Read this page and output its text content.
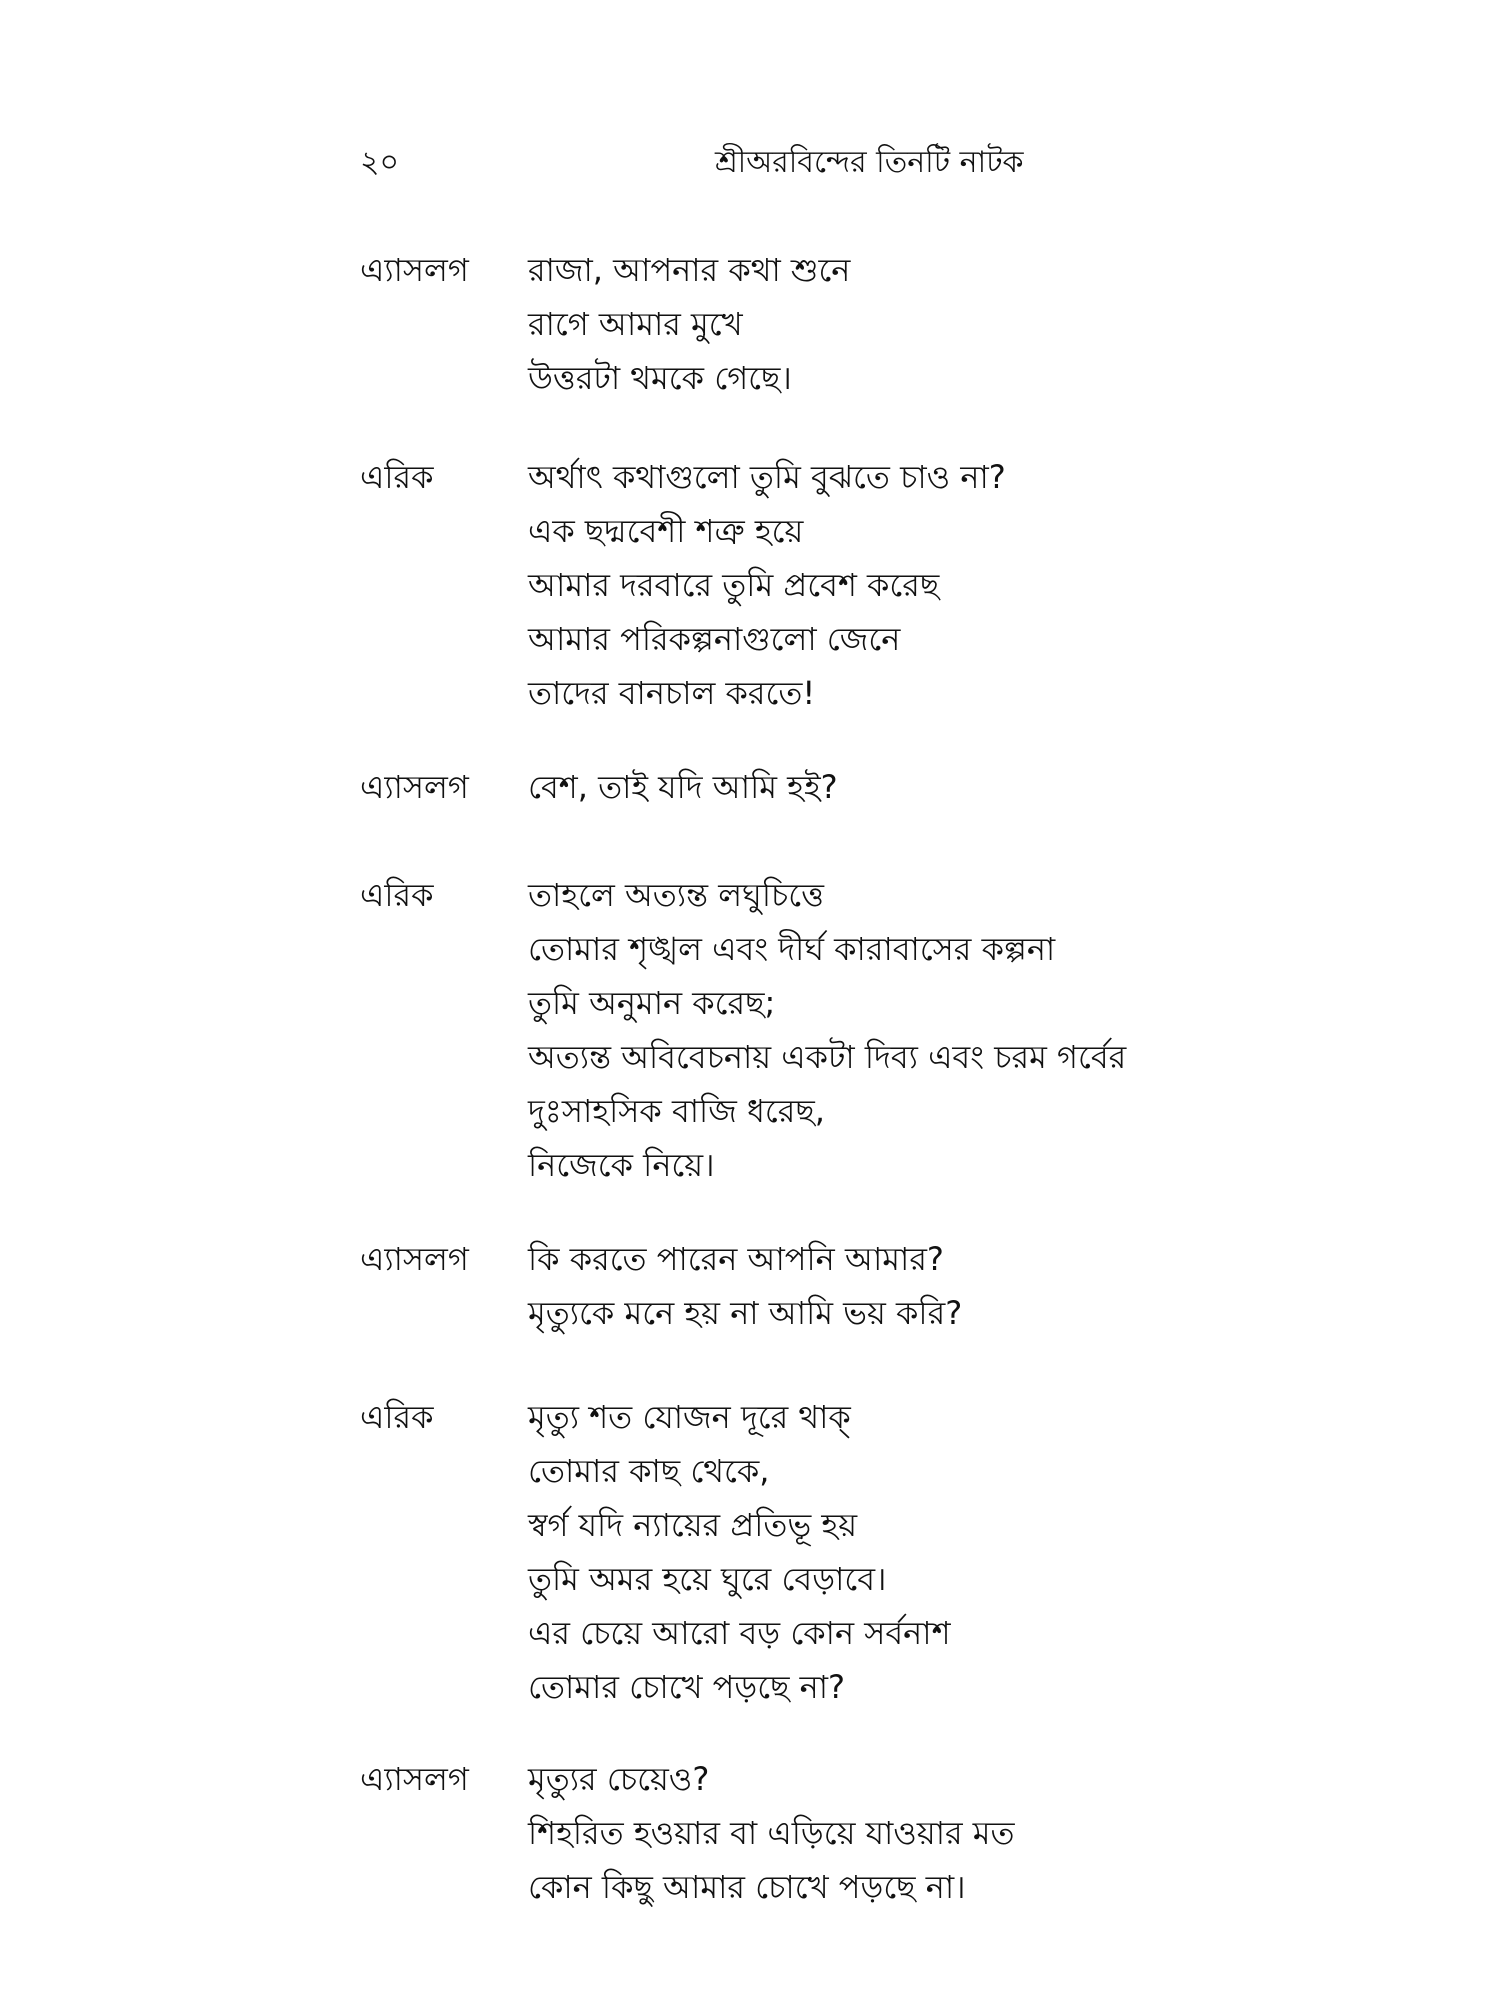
২০	শ্রীঅরবিন্দের তিনটি নাটক
এ্যাসলগ	রাজা, আপনার কথা শুনে
রাগে আমার মুখে
উত্তরটা থমকে গেছে।
এরিক	অর্থাৎ কথাগুলো তুমি বুঝতে চাও না?
এক ছদ্মবেশী শত্রু হয়ে
আমার দরবারে তুমি প্রবেশ করেছ
আমার পরিকল্পনাগুলো জেনে
তাদের বানচাল করতে!
এ্যাসলগ	বেশ, তাই যদি আমি হই?
এরিক	তাহলে অত্যন্ত লঘুচিত্তে
তোমার শৃঙ্খল এবং দীর্ঘ কারাবাসের কল্পনা
তুমি অনুমান করেছ;
অত্যন্ত অবিবেচনায় একটা দিব্য এবং চরম গর্বের
দুঃসাহসিক বাজি ধরেছ,
নিজেকে নিয়ে।
এ্যাসলগ	কি করতে পারেন আপনি আমার?
মৃত্যুকে মনে হয় না আমি ভয় করি?
এরিক	মৃত্যু শত যোজন দূরে থাক্
তোমার কাছ থেকে,
স্বর্গ যদি ন্যায়ের প্রতিভূ হয়
তুমি অমর হয়ে ঘুরে বেড়াবে।
এর চেয়ে আরো বড় কোন সর্বনাশ
তোমার চোখে পড়ছে না?
এ্যাসলগ	মৃত্যুর চেয়েও?
শিহরিত হওয়ার বা এড়িয়ে যাওয়ার মত
কোন কিছু আমার চোখে পড়ছে না।
